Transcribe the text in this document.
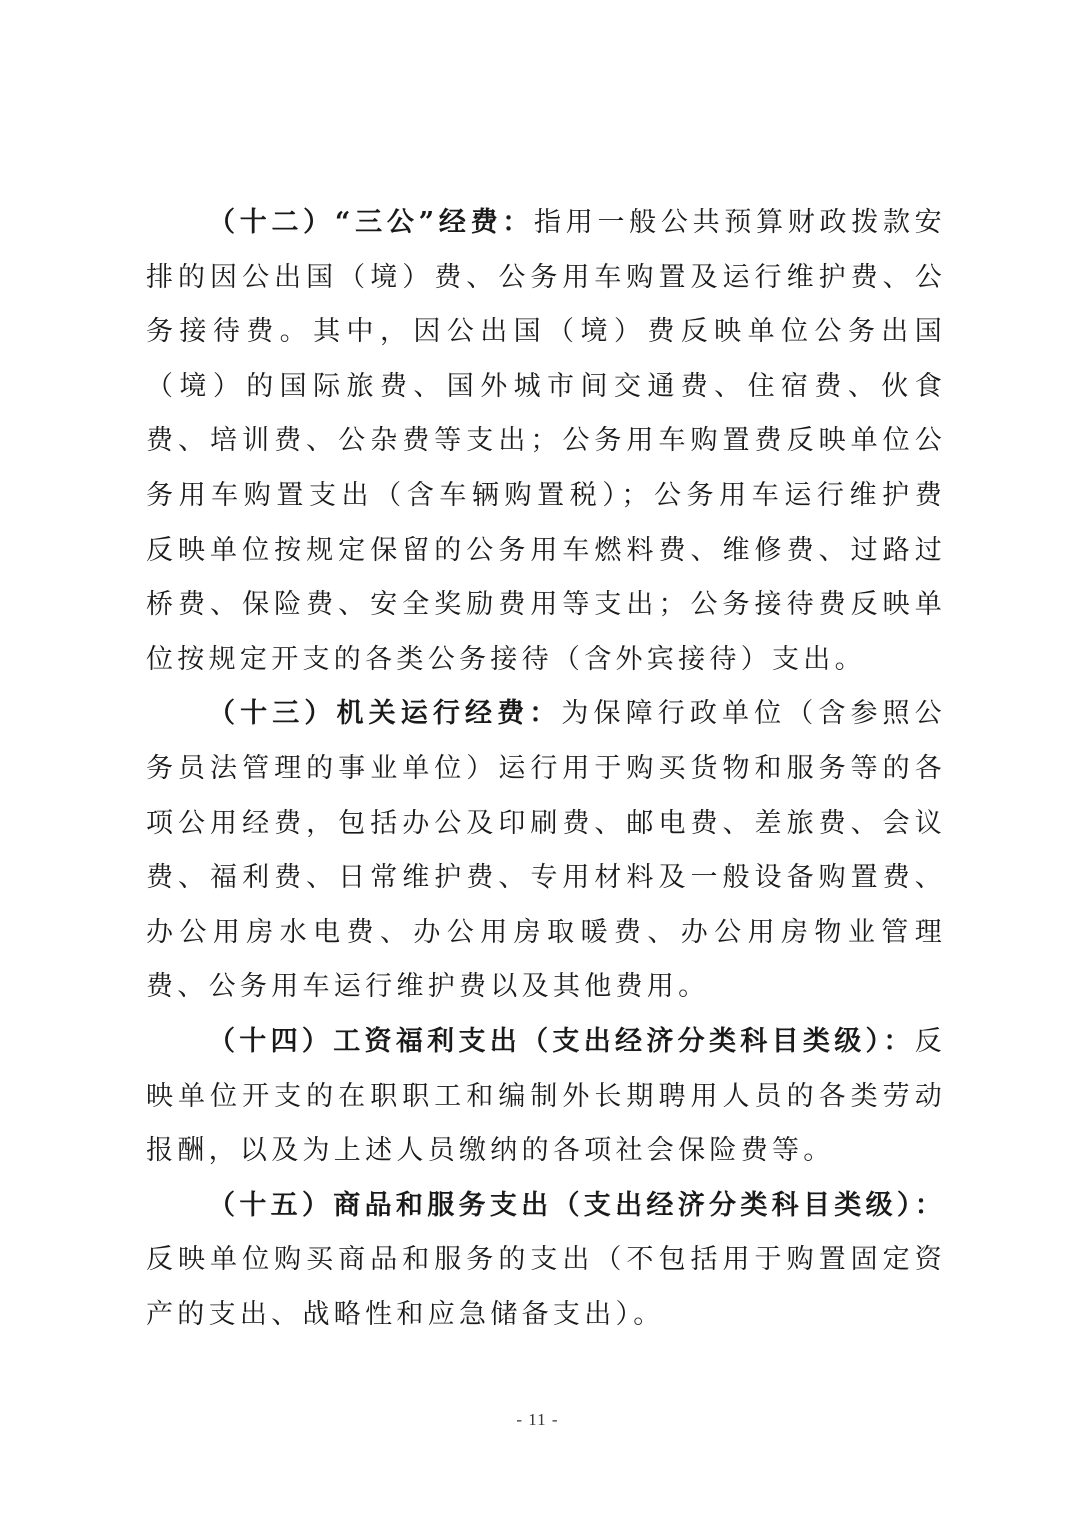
（十二）“三公”经费：指用一般公共预算财政拨款安排的因公出国（境）费、公务用车购置及运行维护费、公务接待费。其中，因公出国（境）费反映单位公务出国（境）的国际旅费、国外城市间交通费、住宿费、伙食费、培训费、公杂费等支出；公务用车购置费反映单位公务用车购置支出（含车辆购置税）；公务用车运行维护费反映单位按规定保留的公务用车燃料费、维修费、过路过桥费、保险费、安全奖励费用等支出；公务接待费反映单位按规定开支的各类公务接待（含外宾接待）支出。

（十三）机关运行经费：为保障行政单位（含参照公务员法管理的事业单位）运行用于购买货物和服务等的各项公用经费，包括办公及印刷费、邮电费、差旅费、会议费、福利费、日常维护费、专用材料及一般设备购置费、办公用房水电费、办公用房取暖费、办公用房物业管理费、公务用车运行维护费以及其他费用。

（十四）工资福利支出（支出经济分类科目类级）：反映单位开支的在职职工和编制外长期聘用人员的各类劳动报酬，以及为上述人员缴纳的各项社会保险费等。

（十五）商品和服务支出（支出经济分类科目类级）：反映单位购买商品和服务的支出（不包括用于购置固定资产的支出、战略性和应急储备支出）。

- 11 -
